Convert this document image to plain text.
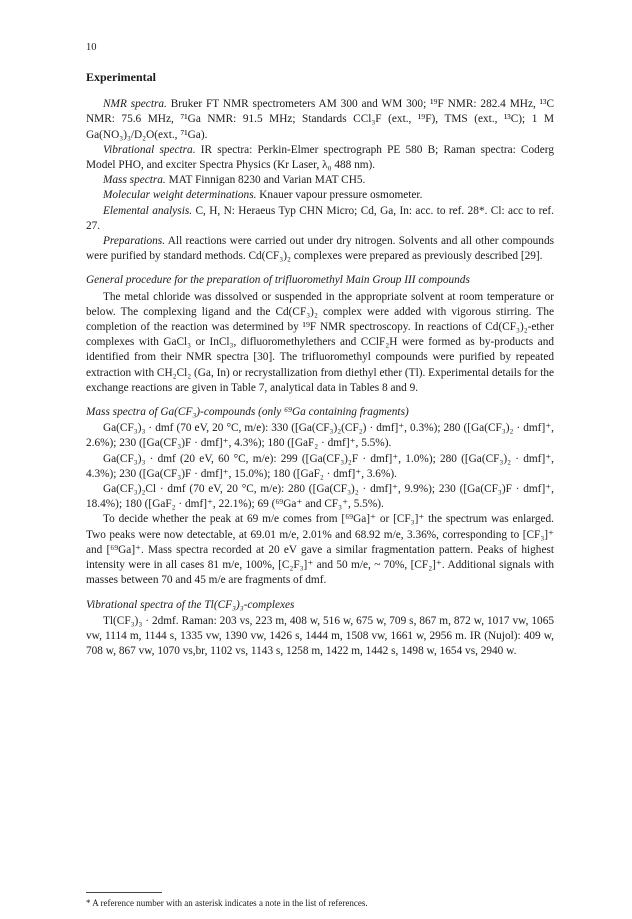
10
Experimental

NMR spectra. Bruker FT NMR spectrometers AM 300 and WM 300; ¹⁹F NMR: 282.4 MHz, ¹³C NMR: 75.6 MHz, ⁷¹Ga NMR: 91.5 MHz; Standards CCl₃F (ext., ¹⁹F), TMS (ext., ¹³C); 1 M Ga(NO₃)₃/D₂O(ext., ⁷¹Ga).

Vibrational spectra. IR spectra: Perkin-Elmer spectrograph PE 580 B; Raman spectra: Coderg Model PHO, and exciter Spectra Physics (Kr Laser, λ₀ 488 nm).

Mass spectra. MAT Finnigan 8230 and Varian MAT CH5.

Molecular weight determinations. Knauer vapour pressure osmometer.

Elemental analysis. C, H, N: Heraeus Typ CHN Micro; Cd, Ga, In: acc. to ref. 28*. Cl: acc to ref. 27.

Preparations. All reactions were carried out under dry nitrogen. Solvents and all other compounds were purified by standard methods. Cd(CF₃)₂ complexes were prepared as previously described [29].

General procedure for the preparation of trifluoromethyl Main Group III compounds

The metal chloride was dissolved or suspended in the appropriate solvent at room temperature or below. The complexing ligand and the Cd(CF₃)₂ complex were added with vigorous stirring. The completion of the reaction was determined by ¹⁹F NMR spectroscopy. In reactions of Cd(CF₃)₂-ether complexes with GaCl₃ or InCl₃, difluoromethylethers and CClF₂H were formed as by-products and identified from their NMR spectra [30]. The trifluoromethyl compounds were purified by repeated extraction with CH₂Cl₂ (Ga, In) or recrystallization from diethyl ether (Tl). Experimental details for the exchange reactions are given in Table 7, analytical data in Tables 8 and 9.

Mass spectra of Ga(CF₃)-compounds (only ⁶⁹Ga containing fragments)

Ga(CF₃)₃ · dmf (70 eV, 20 °C, m/e): 330 ([Ga(CF₃)₂(CF₂) · dmf]⁺, 0.3%); 280 ([Ga(CF₃)₂ · dmf]⁺, 2.6%); 230 ([Ga(CF₃)F · dmf]⁺, 4.3%); 180 ([GaF₂ · dmf]⁺, 5.5%).

Ga(CF₃)₃ · dmf (20 eV, 60 °C, m/e): 299 ([Ga(CF₃)₂F · dmf]⁺, 1.0%); 280 ([Ga(CF₃)₂ · dmf]⁺, 4.3%); 230 ([Ga(CF₃)F · dmf]⁺, 15.0%); 180 ([GaF₂ · dmf]⁺, 3.6%).

Ga(CF₃)₂Cl · dmf (70 eV, 20 °C, m/e): 280 ([Ga(CF₃)₂ · dmf]⁺, 9.9%); 230 ([Ga(CF₃)F · dmf]⁺, 18.4%); 180 ([GaF₂ · dmf]⁺, 22.1%); 69 (⁶⁹Ga⁺ and CF₃⁺, 5.5%).

To decide whether the peak at 69 m/e comes from [⁶⁹Ga]⁺ or [CF₃]⁺ the spectrum was enlarged. Two peaks were now detectable, at 69.01 m/e, 2.01% and 68.92 m/e, 3.36%, corresponding to [CF₃]⁺ and [⁶⁹Ga]⁺. Mass spectra recorded at 20 eV gave a similar fragmentation pattern. Peaks of highest intensity were in all cases 81 m/e, 100%, [C₂F₃]⁺ and 50 m/e, ~ 70%, [CF₂]⁺. Additional signals with masses between 70 and 45 m/e are fragments of dmf.

Vibrational spectra of the Tl(CF₃)₃-complexes

Tl(CF₃)₃ · 2dmf. Raman: 203 vs, 223 m, 408 w, 516 w, 675 w, 709 s, 867 m, 872 w, 1017 vw, 1065 vw, 1114 m, 1144 s, 1335 vw, 1390 vw, 1426 s, 1444 m, 1508 vw, 1661 w, 2956 m. IR (Nujol): 409 w, 708 w, 867 vw, 1070 vs,br, 1102 vs, 1143 s, 1258 m, 1422 m, 1442 s, 1498 w, 1654 vs, 2940 w.

* A reference number with an asterisk indicates a note in the list of references.
